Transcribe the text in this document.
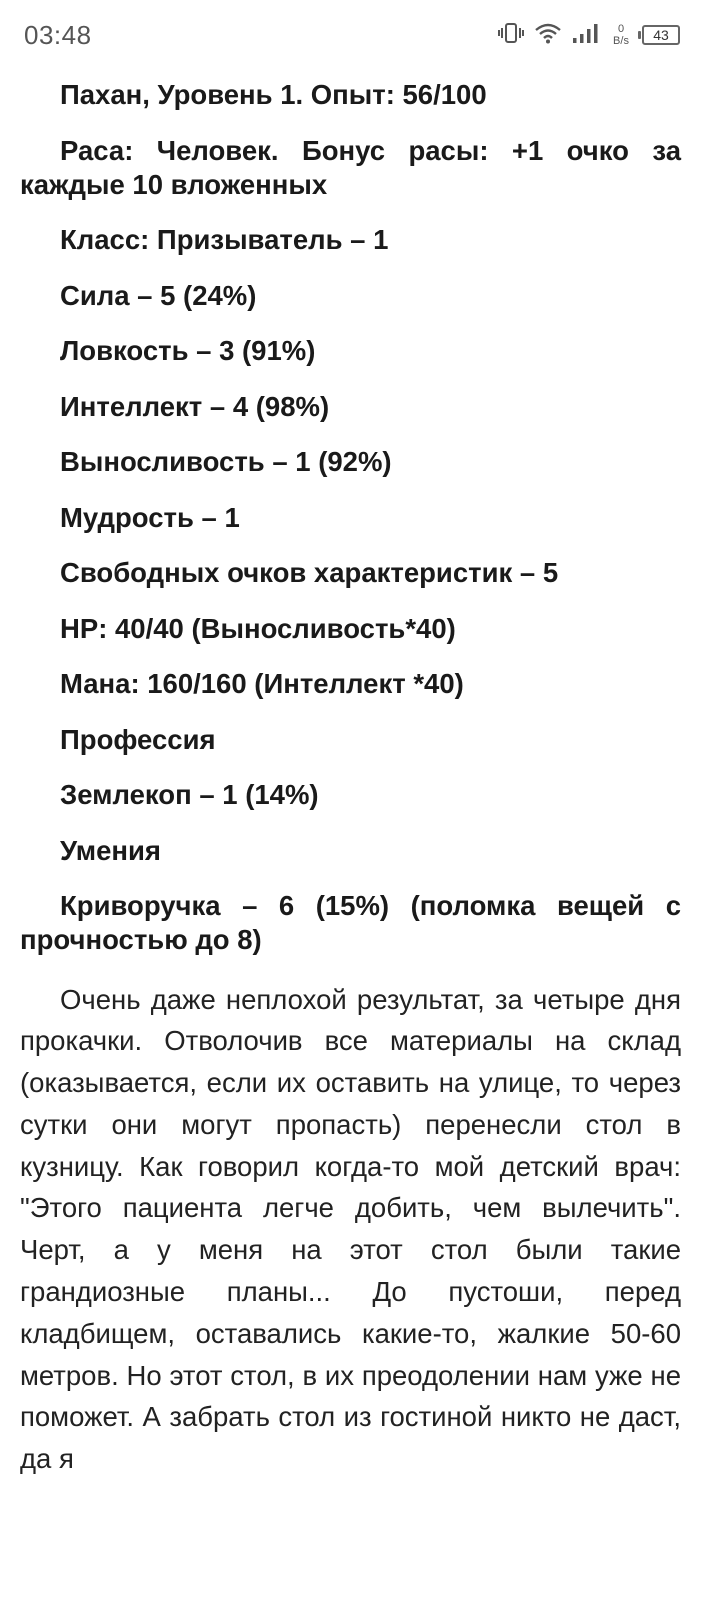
03:48	0
B/s	43

Пахан, Уровень 1. Опыт: 56/100

Раса: Человек. Бонус расы: +1 очко за каждые 10 вложенных

Класс: Призыватель – 1

Сила – 5 (24%)

Ловкость – 3 (91%)

Интеллект – 4 (98%)

Выносливость – 1 (92%)

Мудрость – 1

Свободных очков характеристик – 5

HP: 40/40 (Выносливость*40)

Мана: 160/160 (Интеллект *40)

Профессия

Землекоп – 1 (14%)

Умения

Криворучка – 6 (15%) (поломка вещей с прочностью до 8)

Очень даже неплохой результат, за четыре дня прокачки. Отволочив все материалы на склад (оказывается, если их оставить на улице, то через сутки они могут пропасть) перенесли стол в кузницу. Как говорил когда-то мой детский врач: "Этого пациента легче добить, чем вылечить". Черт, а у меня на этот стол были такие грандиозные планы... До пустоши, перед кладбищем, оставались какие-то, жалкие 50-60 метров. Но этот стол, в их преодолении нам уже не поможет. А забрать стол из гостиной никто не даст, да я
